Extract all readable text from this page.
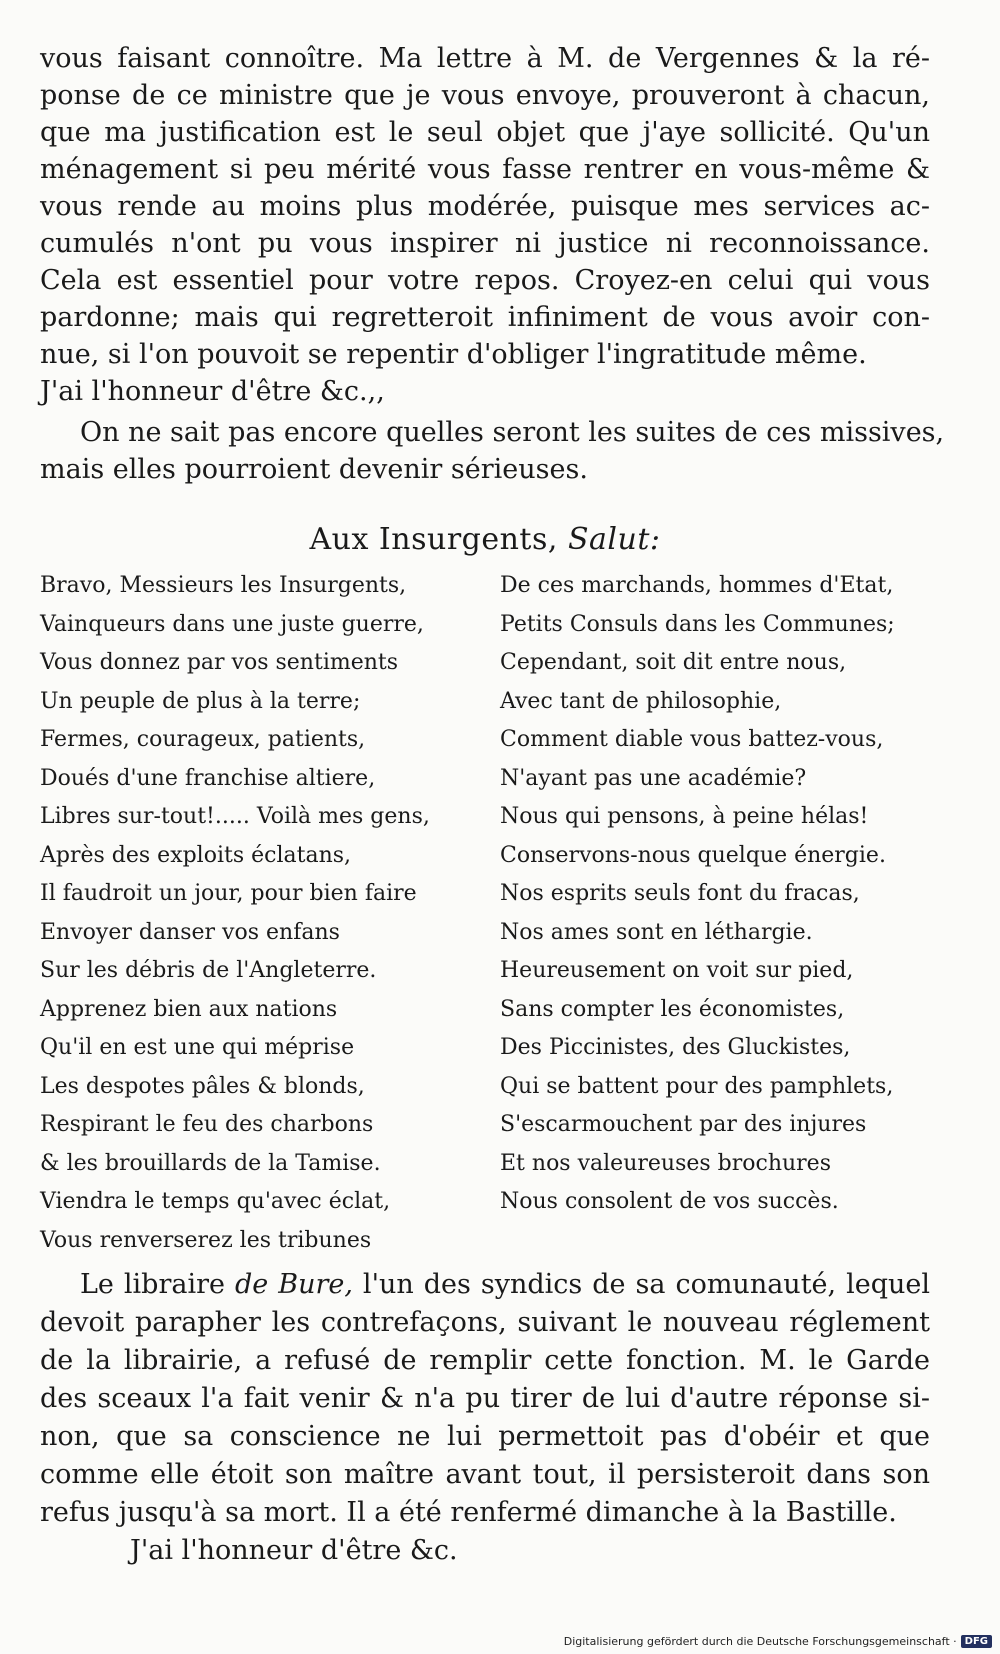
vous faisant connoître. Ma lettre à M. de Vergennes & la ré-
ponse de ce ministre que je vous envoye, prouveront à chacun,
que ma justification est le seul objet que j'aye sollicité. Qu'un
ménagement si peu mérité vous fasse rentrer en vous-même &
vous rende au moins plus modérée, puisque mes services ac-
cumulés n'ont pu vous inspirer ni justice ni reconnoissance.
Cela est essentiel pour votre repos. Croyez-en celui qui vous
pardonne; mais qui regretteroit infiniment de vous avoir con-
nue, si l'on pouvoit se repentir d'obliger l'ingratitude même.

J'ai l'honneur d'être &c.,,

On ne sait pas encore quelles seront les suites de ces missives,
mais elles pourroient devenir sérieuses.
Aux Insurgents, Salut:

Bravo, Messieurs les Insurgents,

Vainqueurs dans une juste guerre,

Vous donnez par vos sentiments

Un peuple de plus à la terre;

Fermes, courageux, patients,

Doués d'une franchise altiere,

Libres sur-tout!..... Voilà mes gens,

Après des exploits éclatans,

Il faudroit un jour, pour bien faire

Envoyer danser vos enfans

Sur les débris de l'Angleterre.

Apprenez bien aux nations

Qu'il en est une qui méprise

Les despotes pâles & blonds,

Respirant le feu des charbons

& les brouillards de la Tamise.

Viendra le temps qu'avec éclat,

Vous renverserez les tribunes

De ces marchands, hommes d'Etat,

Petits Consuls dans les Communes;

Cependant, soit dit entre nous,

Avec tant de philosophie,

Comment diable vous battez-vous,

N'ayant pas une académie?

Nous qui pensons, à peine hélas!

Conservons-nous quelque énergie.

Nos esprits seuls font du fracas,

Nos ames sont en léthargie.

Heureusement on voit sur pied,

Sans compter les économistes,

Des Piccinistes, des Gluckistes,

Qui se battent pour des pamphlets,

S'escarmouchent par des injures

Et nos valeureuses brochures

Nous consolent de vos succès.

Le libraire de Bure, l'un des syndics de sa comunauté, lequel
devoit parapher les contrefaçons, suivant le nouveau réglement
de la librairie, a refusé de remplir cette fonction. M. le Garde
des sceaux l'a fait venir & n'a pu tirer de lui d'autre réponse si-
non, que sa conscience ne lui permettoit pas d'obéir et que
comme elle étoit son maître avant tout, il persisteroit dans son
refus jusqu'à sa mort. Il a été renfermé dimanche à la Bastille.

J'ai l'honneur d'être &c.

Digitalisierung gefördert durch die Deutsche Forschungsgemeinschaft · DFG
